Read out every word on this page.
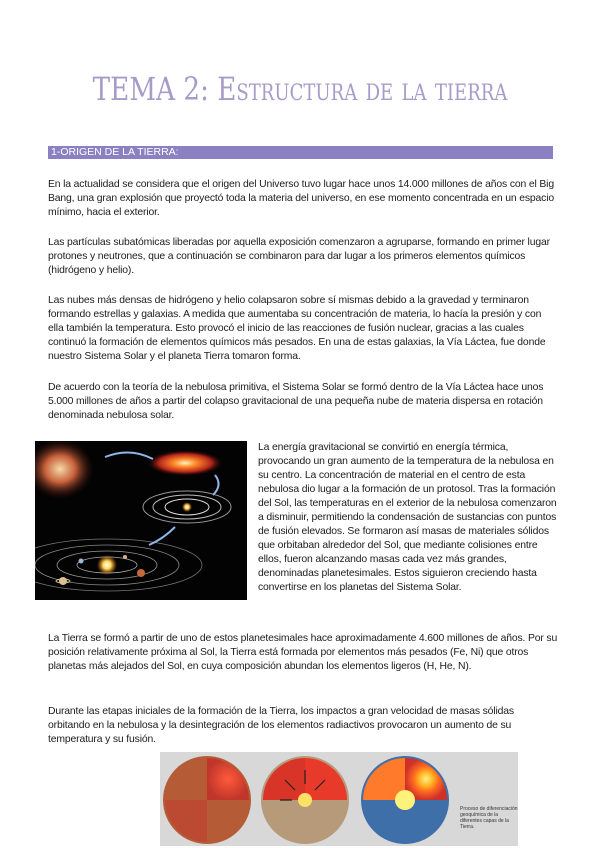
TEMA 2: Estructura de la tierra
1-ORIGEN DE LA TIERRA:

En la actualidad se considera que el origen del Universo tuvo lugar hace unos 14.000 millones de años con el Big Bang, una gran explosión que proyectó toda la materia del universo, en ese momento concentrada en un espacio mínimo, hacia el exterior.

Las partículas subatómicas liberadas por aquella exposición comenzaron a agruparse, formando en primer lugar protones y neutrones, que a continuación se combinaron para dar lugar a los primeros elementos químicos (hidrógeno y helio).

Las nubes más densas de hidrógeno y helio colapsaron sobre sí mismas debido a la gravedad y terminaron formando estrellas y galaxias. A medida que aumentaba su concentración de materia, lo hacía la presión y con ella también la temperatura. Esto provocó el inicio de las reacciones de fusión nuclear, gracias a las cuales continuó la formación de elementos químicos más pesados. En una de estas galaxias, la Vía Láctea, fue donde nuestro Sistema Solar y el planeta Tierra tomaron forma.

De acuerdo con la teoría de la nebulosa primitiva, el Sistema Solar se formó dentro de la Vía Láctea hace unos 5.000 millones de años a partir del colapso gravitacional de una pequeña nube de materia dispersa en rotación denominada nebulosa solar.

La energía gravitacional se convirtió en energía térmica, provocando un gran aumento de la temperatura de la nebulosa en su centro. La concentración de material en el centro de esta nebulosa dio lugar a la formación de un protosol. Tras la formación del Sol, las temperaturas en el exterior de la nebulosa comenzaron a disminuir, permitiendo la condensación de sustancias con puntos de fusión elevados. Se formaron así masas de materiales sólidos que orbitaban alrededor del Sol, que mediante colisiones entre ellos, fueron alcanzando masas cada vez más grandes, denominadas planetesimales. Estos siguieron creciendo hasta convertirse en los planetas del Sistema Solar.

La Tierra se formó a partir de uno de estos planetesimales hace aproximadamente 4.600 millones de años. Por su posición relativamente próxima al Sol, la Tierra está formada por elementos más pesados (Fe, Ni) que otros planetas más alejados del Sol, en cuya composición abundan los elementos ligeros (H, He, N).

Durante las etapas iniciales de la formación de la Tierra, los impactos a gran velocidad de masas sólidas orbitando en la nebulosa y la desintegración de los elementos radiactivos provocaron un aumento de su temperatura y su fusión.

Proceso de diferenciación geoquímica de la diferentes capas de la Tierra.
